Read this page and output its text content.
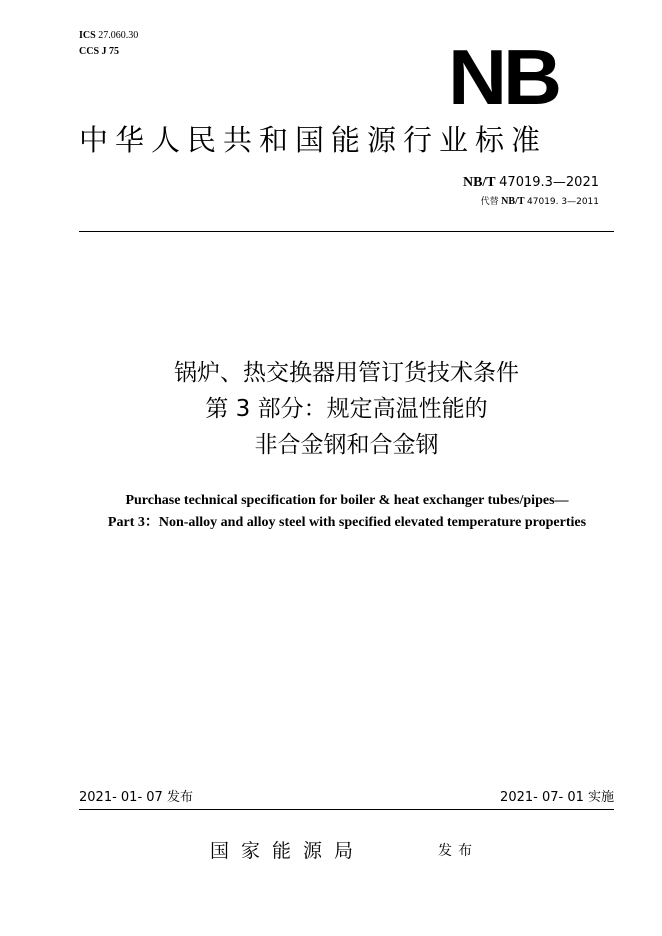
ICS 27.060.30
CCS J 75	NB
中华人民共和国能源行业标准
NB/T 47019.3—2021
代替 NB/T 47019. 3—2011
锅炉、热交换器用管订货技术条件
第 3 部分：规定高温性能的
非合金钢和合金钢
Purchase technical specification for boiler & heat exchanger tubes/pipes—
Part 3：Non-alloy and alloy steel with specified elevated temperature properties
2021- 01- 07 发布	2021- 07- 01 实施
国家能源局	发布
